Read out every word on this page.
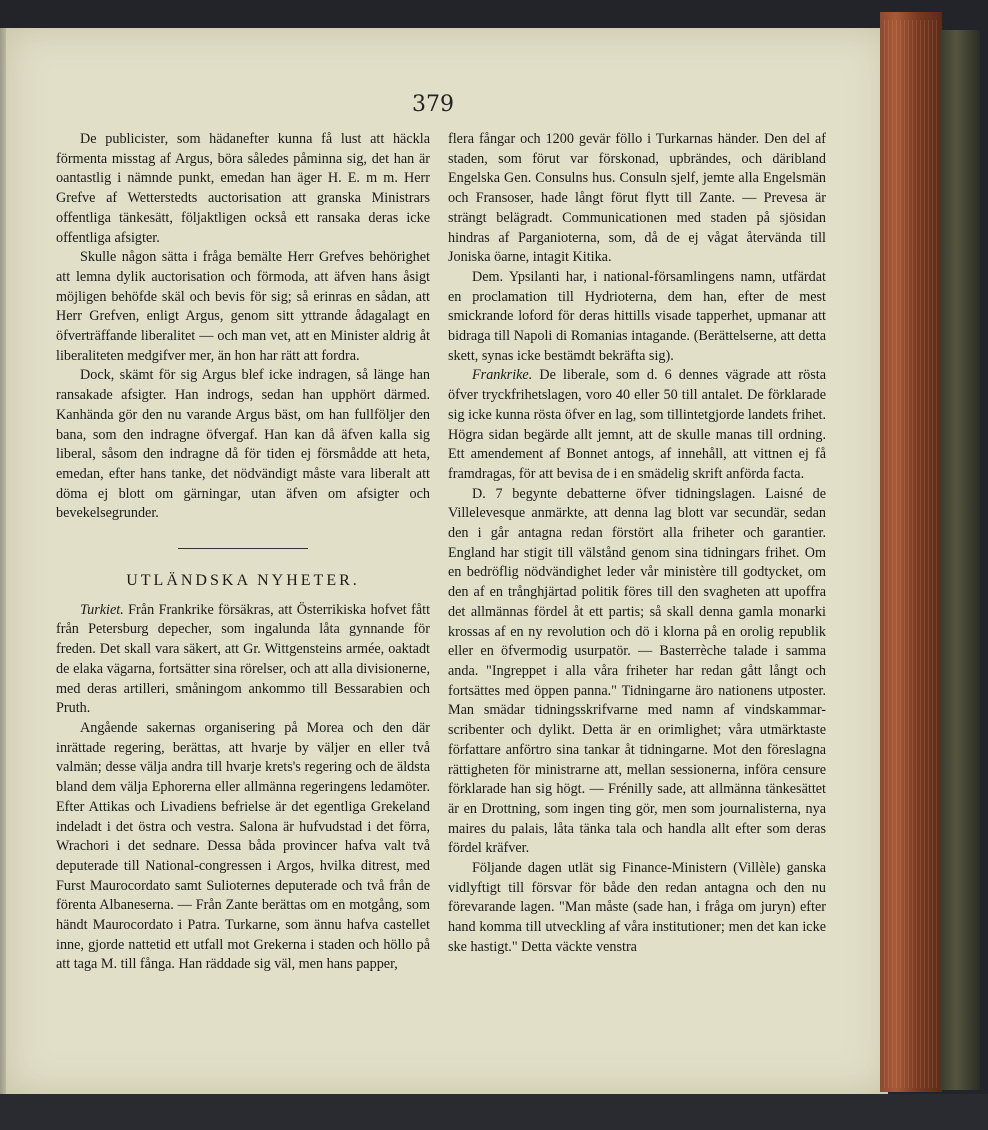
379

De publicister, som hädanefter kunna få lust att häckla förmenta misstag af Argus, böra således påminna sig, det han är oantastlig i nämnde punkt, emedan han äger H. E. m m. Herr Grefve af Wetterstedts auctorisation att granska Ministrars offentliga tänkesätt, följaktligen också ett ransaka deras icke offentliga afsigter.

Skulle någon sätta i fråga bemälte Herr Grefves behörighet att lemna dylik auctorisation och förmoda, att äfven hans åsigt möjligen behöfde skäl och bevis för sig; så erinras en sådan, att Herr Grefven, enligt Argus, genom sitt yttrande ådagalagt en öfverträffande liberalitet — och man vet, att en Minister aldrig åt liberaliteten medgifver mer, än hon har rätt att fordra.

Dock, skämt för sig Argus blef icke indragen, så länge han ransakade afsigter. Han indrogs, sedan han upphört därmed. Kanhända gör den nu varande Argus bäst, om han fullföljer den bana, som den indragne öfvergaf. Han kan då äfven kalla sig liberal, såsom den indragne då för tiden ej försmådde att heta, emedan, efter hans tanke, det nödvändigt måste vara liberalt att döma ej blott om gärningar, utan äfven om afsigter och bevekelsegrunder.

UTLÄNDSKA NYHETER.

Turkiet. Från Frankrike försäkras, att Österrikiska hofvet fått från Petersburg depecher, som ingalunda låta gynnande för freden. Det skall vara säkert, att Gr. Wittgensteins armée, oaktadt de elaka vägarna, fortsätter sina rörelser, och att alla divisionerne, med deras artilleri, småningom ankommo till Bessarabien och Pruth.

Angående sakernas organisering på Morea och den där inrättade regering, berättas, att hvarje by väljer en eller två valmän; desse välja andra till hvarje krets's regering och de äldsta bland dem välja Ephorerna eller allmänna regeringens ledamöter. Efter Attikas och Livadiens befrielse är det egentliga Grekeland indeladt i det östra och vestra. Salona är hufvudstad i det förra, Wrachori i det sednare. Dessa båda provincer hafva valt två deputerade till National-congressen i Argos, hvilka ditrest, med Furst Maurocordato samt Sulioternes deputerade och två från de förenta Albaneserna. — Från Zante berättas om en motgång, som händt Maurocordato i Patra. Turkarne, som ännu hafva castellet inne, gjorde nattetid ett utfall mot Grekerna i staden och höllo på att taga M. till fånga. Han räddade sig väl, men hans papper,

flera fångar och 1200 gevär föllo i Turkarnas händer. Den del af staden, som förut var förskonad, upbrändes, och däribland Engelska Gen. Consulns hus. Consuln sjelf, jemte alla Engelsmän och Fransoser, hade långt förut flytt till Zante. — Prevesa är strängt belägradt. Communicationen med staden på sjösidan hindras af Parganioterna, som, då de ej vågat återvända till Joniska öarne, intagit Kitika.

Dem. Ypsilanti har, i national-församlingens namn, utfärdat en proclamation till Hydrioterna, dem han, efter de mest smickrande loford för deras hittills visade tapperhet, upmanar att bidraga till Napoli di Romanias intagande. (Berättelserne, att detta skett, synas icke bestämdt bekräfta sig).

Frankrike. De liberale, som d. 6 dennes vägrade att rösta öfver tryckfrihetslagen, voro 40 eller 50 till antalet. De förklarade sig icke kunna rösta öfver en lag, som tillintetgjorde landets frihet. Högra sidan begärde allt jemnt, att de skulle manas till ordning. Ett amendement af Bonnet antogs, af innehåll, att vittnen ej få framdragas, för att bevisa de i en smädelig skrift anförda facta.

D. 7 begynte debatterne öfver tidningslagen. Laisné de Villelevesque anmärkte, att denna lag blott var secundär, sedan den i går antagna redan förstört alla friheter och garantier. England har stigit till välstånd genom sina tidningars frihet. Om en bedröflig nödvändighet leder vår ministère till godtycket, om den af en trånghjärtad politik föres till den svagheten att upoffra det allmännas fördel åt ett partis; så skall denna gamla monarki krossas af en ny revolution och dö i klorna på en orolig republik eller en öfvermodig usurpatör. — Basterrèche talade i samma anda. "Ingreppet i alla våra friheter har redan gått långt och fortsättes med öppen panna." Tidningarne äro nationens utposter. Man smädar tidningsskrifvarne med namn af vindskammar-scribenter och dylikt. Detta är en orimlighet; våra utmärktaste författare anförtro sina tankar åt tidningarne. Mot den föreslagna rättigheten för ministrarne att, mellan sessionerna, införa censure förklarade han sig högt. — Frénilly sade, att allmänna tänkesättet är en Drottning, som ingen ting gör, men som journalisterna, nya maires du palais, låta tänka tala och handla allt efter som deras fördel kräfver.

Följande dagen utlät sig Finance-Ministern (Villèle) ganska vidlyftigt till försvar för både den redan antagna och den nu förevarande lagen. "Man måste (sade han, i fråga om juryn) efter hand komma till utveckling af våra institutioner; men det kan icke ske hastigt." Detta väckte venstra
